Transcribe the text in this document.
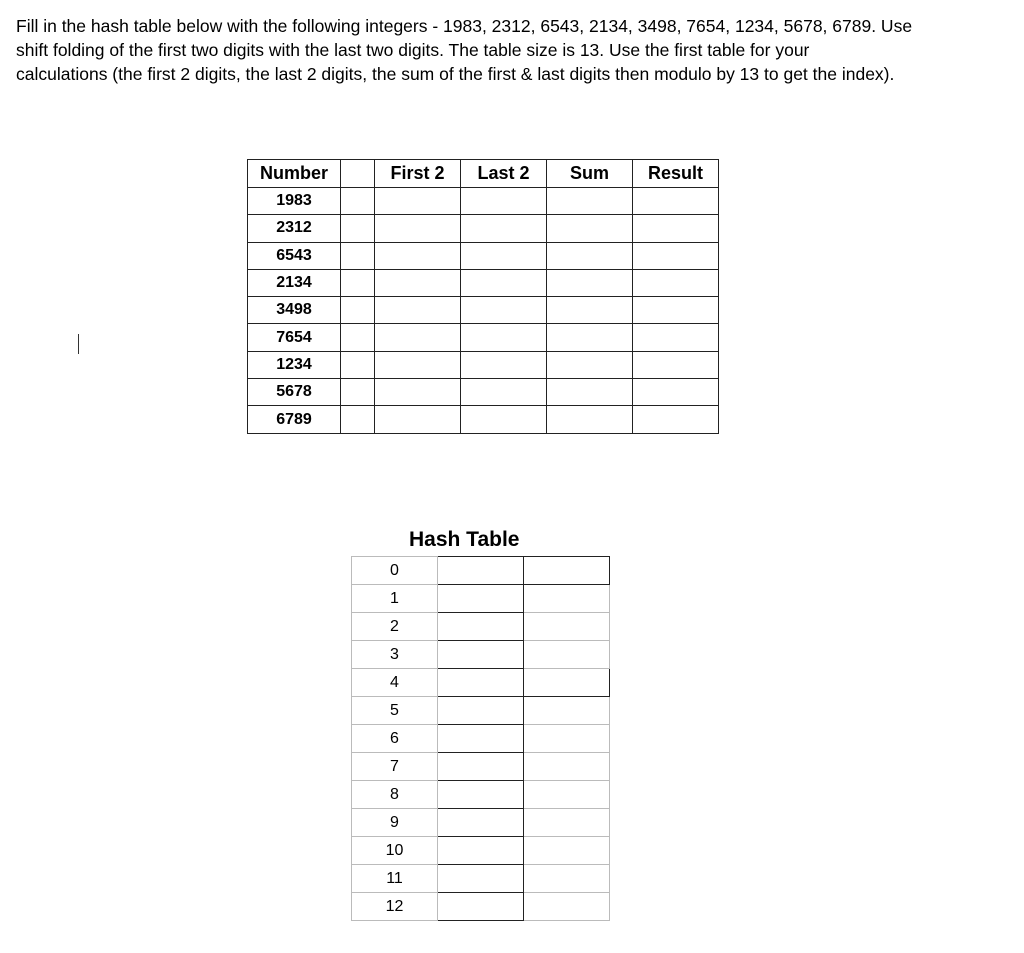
Fill in the hash table below with the following integers - 1983, 2312, 6543, 2134, 3498, 7654, 1234, 5678, 6789. Use
shift folding of the first two digits with the last two digits. The table size is 13. Use the first table for your
calculations (the first 2 digits, the last 2 digits, the sum of the first & last digits then modulo by 13 to get the index).
Number		First 2	Last 2	Sum	Result
1983					
2312					
6543					
2134					
3498					
7654					
1234					
5678					
6789					
Hash Table
0		
1		
2		
3		
4		
5		
6		
7		
8		
9		
10		
11		
12		
